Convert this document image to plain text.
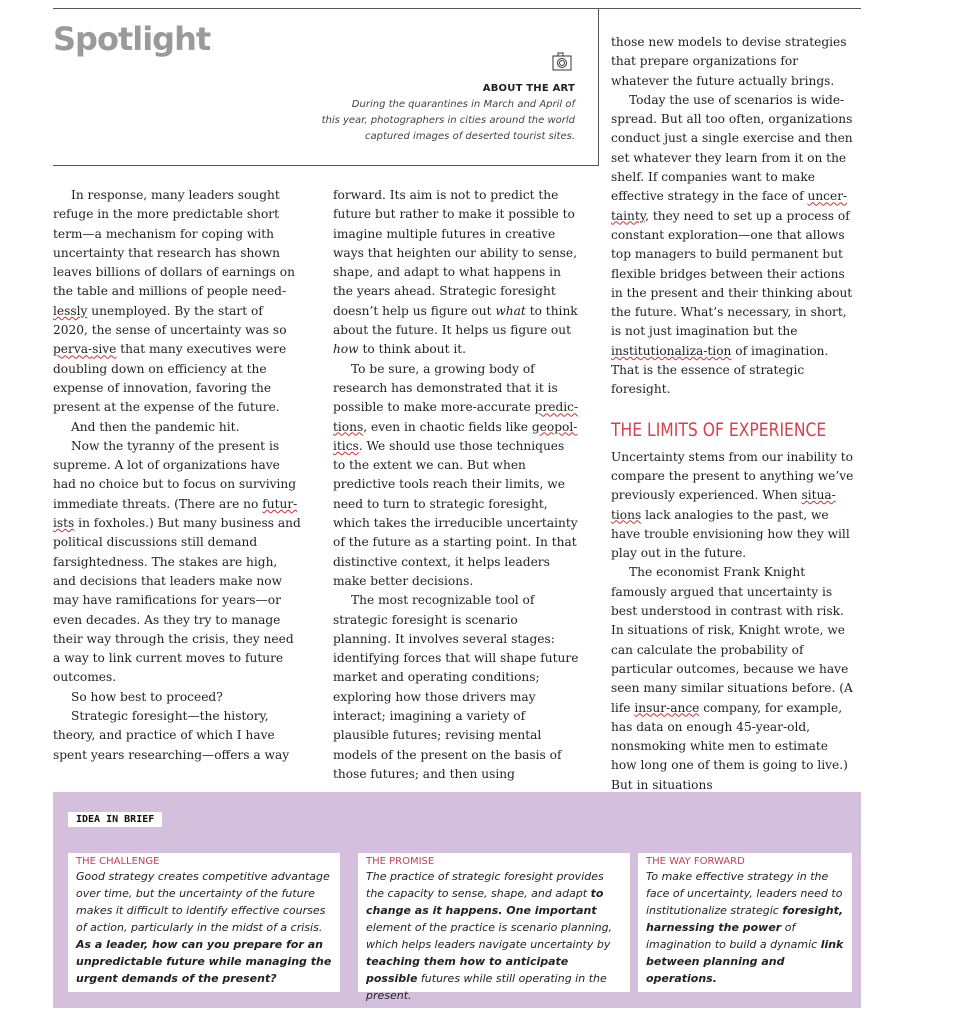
Spotlight
ABOUT THE ART
During the quarantines in March and April of
this year, photographers in cities around the world
captured images of deserted tourist sites.

In response, many leaders sought refuge in the more predictable short term—a mechanism for coping with uncertainty that research has shown leaves billions of dollars of earnings on the table and millions of people need-lessly unemployed. By the start of 2020, the sense of uncertainty was so perva-sive that many executives were doubling down on efficiency at the expense of innovation, favoring the present at the expense of the future.

And then the pandemic hit.

Now the tyranny of the present is supreme. A lot of organizations have had no choice but to focus on surviving immediate threats. (There are no futur-ists in foxholes.) But many business and political discussions still demand farsightedness. The stakes are high, and decisions that leaders make now may have ramifications for years—or even decades. As they try to manage their way through the crisis, they need a way to link current moves to future outcomes.

So how best to proceed?

Strategic foresight—the history, theory, and practice of which I have spent years researching—offers a way

forward. Its aim is not to predict the future but rather to make it possible to imagine multiple futures in creative ways that heighten our ability to sense, shape, and adapt to what happens in the years ahead. Strategic foresight doesn’t help us figure out what to think about the future. It helps us figure out how to think about it.

To be sure, a growing body of research has demonstrated that it is possible to make more-accurate predic-tions, even in chaotic fields like geopol-itics. We should use those techniques to the extent we can. But when predictive tools reach their limits, we need to turn to strategic foresight, which takes the irreducible uncertainty of the future as a starting point. In that distinctive context, it helps leaders make better decisions.

The most recognizable tool of strategic foresight is scenario planning. It involves several stages: identifying forces that will shape future market and operating conditions; exploring how those drivers may interact; imagining a variety of plausible futures; revising mental models of the present on the basis of those futures; and then using

those new models to devise strategies that prepare organizations for whatever the future actually brings.

Today the use of scenarios is wide-spread. But all too often, organizations conduct just a single exercise and then set whatever they learn from it on the shelf. If companies want to make effective strategy in the face of uncer-tainty, they need to set up a process of constant exploration—one that allows top managers to build permanent but flexible bridges between their actions in the present and their thinking about the future. What’s necessary, in short, is not just imagination but the institutionaliza-tion of imagination. That is the essence of strategic foresight.

THE LIMITS OF EXPERIENCE

Uncertainty stems from our inability to compare the present to anything we’ve previously experienced. When situa-tions lack analogies to the past, we have trouble envisioning how they will play out in the future.

The economist Frank Knight famously argued that uncertainty is best understood in contrast with risk. In situations of risk, Knight wrote, we can calculate the probability of particular outcomes, because we have seen many similar situations before. (A life insur-ance company, for example, has data on enough 45-year-old, nonsmoking white men to estimate how long one of them is going to live.) But in situations

IDEA IN BRIEF
THE CHALLENGE
Good strategy creates competitive advantage over time, but the uncertainty of the future makes it difficult to identify effective courses of action, particularly in the midst of a crisis. As a leader, how can you prepare for an unpredictable future while managing the urgent demands of the present?
THE PROMISE
The practice of strategic foresight provides the capacity to sense, shape, and adapt to change as it happens. One important element of the practice is scenario planning, which helps leaders navigate uncertainty by teaching them how to anticipate possible futures while still operating in the present.
THE WAY FORWARD
To make effective strategy in the face of uncertainty, leaders need to institutionalize strategic foresight, harnessing the power of imagination to build a dynamic link between planning and operations.
